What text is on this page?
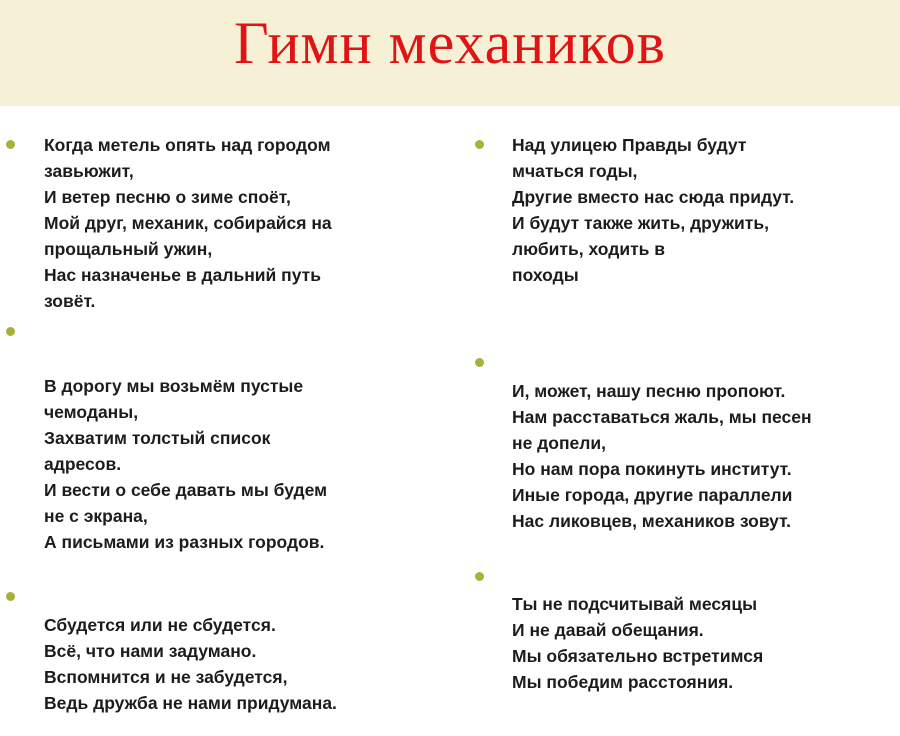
Гимн механиков
Когда метель опять над городом
завьюжит,
И ветер песню о зиме споёт,
Мой друг, механик, собирайся на
прощальный ужин,
Нас назначенье в дальний путь
зовёт.
В дорогу мы возьмём пустые
чемоданы,
Захватим толстый список
адресов.
И вести о себе давать мы будем
не с экрана,
А письмами из разных городов.
Сбудется или не сбудется.
Всё, что нами задумано.
Вспомнится и не забудется,
Ведь дружба не нами придумана.
Над улицею Правды будут
мчаться годы,
Другие вместо нас сюда придут.
И будут также жить, дружить,
любить, ходить в
походы
И, может, нашу песню пропоют.
Нам расставаться жаль, мы песен
не допели,
Но нам пора покинуть институт.
Иные города, другие параллели
Нас ликовцев, механиков зовут.
Ты не подсчитывай месяцы
И не давай обещания.
Мы обязательно встретимся
Мы победим расстояния.
